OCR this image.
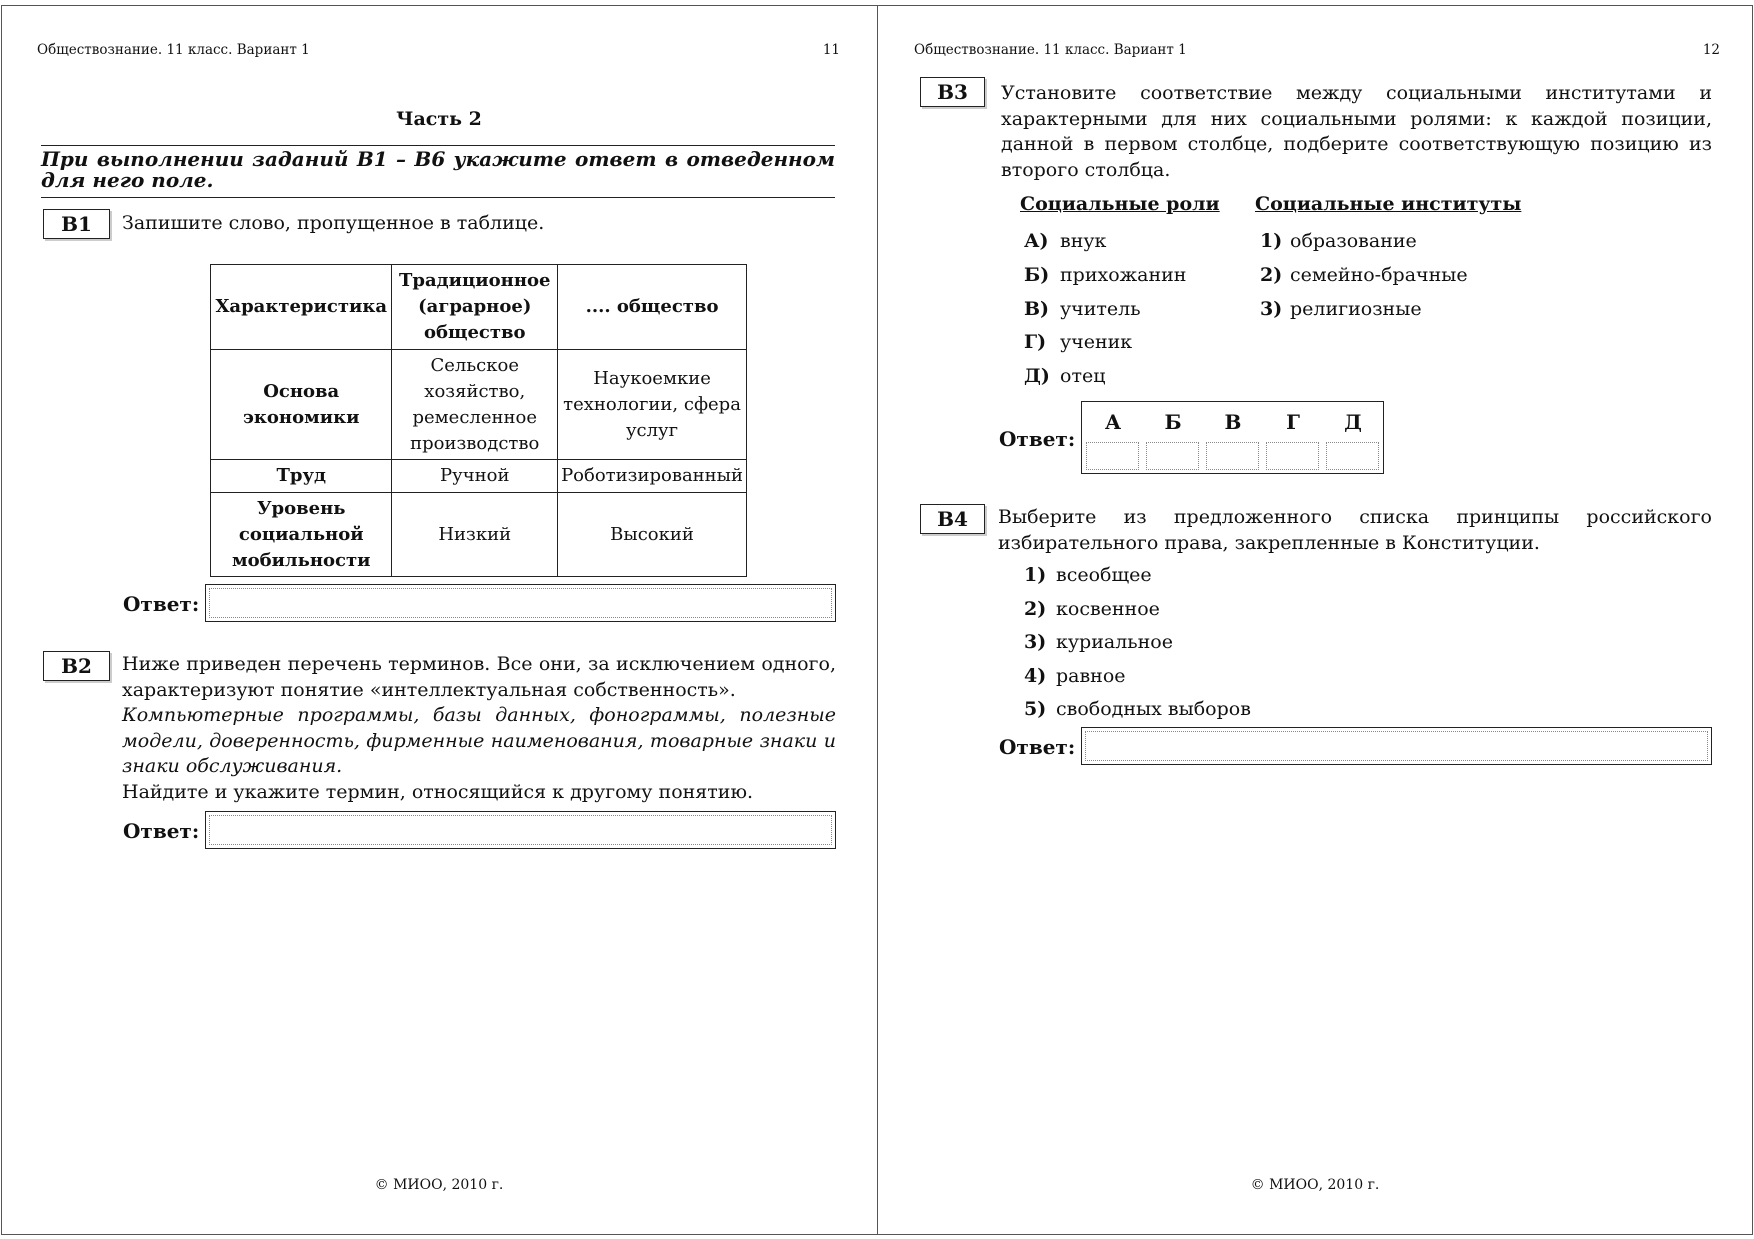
Обществознание. 11 класс. Вариант 1	11
Часть 2
При выполнении заданий В1 – В6 укажите ответ в отведенном для него поле.
В1	Запишите слово, пропущенное в таблице.
Характеристика	Традиционное (аграрное) общество	.... общество
Основа экономики	Сельское хозяйство, ремесленное производство	Наукоемкие технологии, сфера услуг
Труд	Ручной	Роботизированный
Уровень социальной мобильности	Низкий	Высокий
Ответ:
В2	Ниже приведен перечень терминов. Все они, за исключением одного, характеризуют понятие «интеллектуальная собственность».
Компьютерные программы, базы данных, фонограммы, полезные модели, доверенность, фирменные наименования, товарные знаки и знаки обслуживания.
Найдите и укажите термин, относящийся к другому понятию.
Ответ:
© МИОО, 2010 г.
Обществознание. 11 класс. Вариант 1	12
В3	Установите соответствие между социальными институтами и характерными для них социальными ролями: к каждой позиции, данной в первом столбце, подберите соответствующую позицию из второго столбца.
Социальные роли Социальные институты
А) внук
Б) прихожанин
В) учитель
Г) ученик
Д) отец
1) образование
2) семейно-брачные
3) религиозные
Ответ:
А	Б	В	Г	Д
В4	Выберите из предложенного списка принципы российского избирательного права, закрепленные в Конституции.
1) всеобщее
2) косвенное
3) куриальное
4) равное
5) свободных выборов
Ответ:
© МИОО, 2010 г.
